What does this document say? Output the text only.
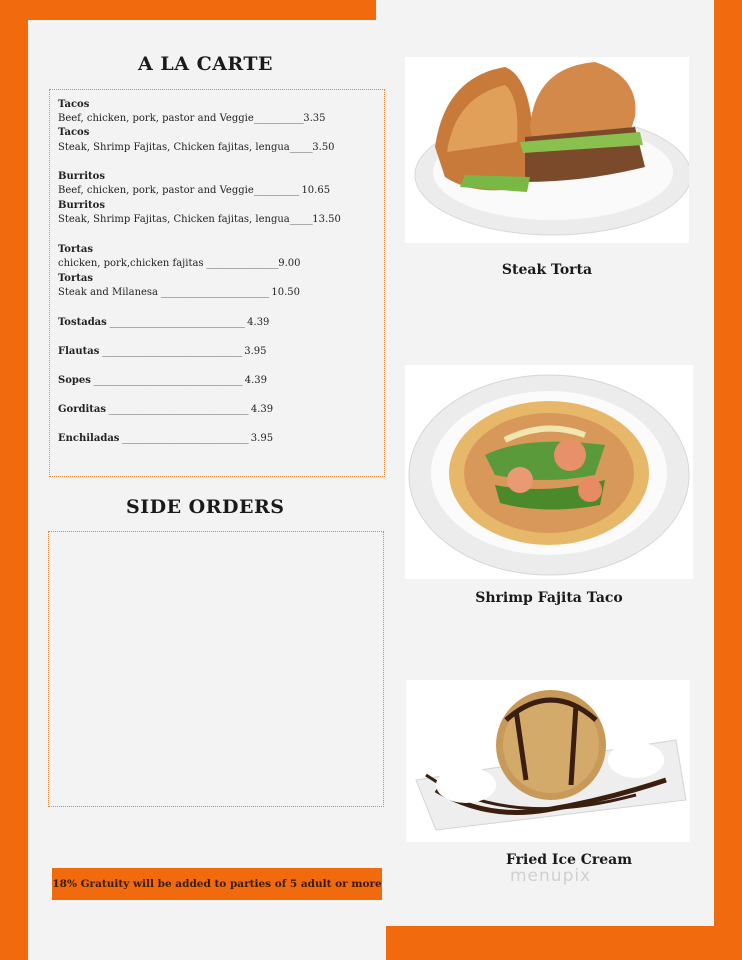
A LA CARTE
Tacos
Beef, chicken, pork, pastor and Veggie___________3.35
Tacos
Steak, Shrimp Fajitas, Chicken fajitas, lengua_____3.50
Burritos
Beef, chicken, pork, pastor and Veggie__________ 10.65
Burritos
Steak, Shrimp Fajitas, Chicken fajitas, lengua_____13.50
Tortas
chicken, pork,chicken fajitas ________________9.00
Tortas
Steak and Milanesa ________________________ 10.50
Tostadas ______________________________ 4.39
Flautas _______________________________ 3.95
Sopes _________________________________ 4.39
Gorditas _______________________________ 4.39
Enchiladas ____________________________ 3.95
SIDE ORDERS
Steak Torta
Shrimp Fajita Taco
Fried Ice Cream
menupix
18% Gratuity will be added to parties of 5 adult or more
